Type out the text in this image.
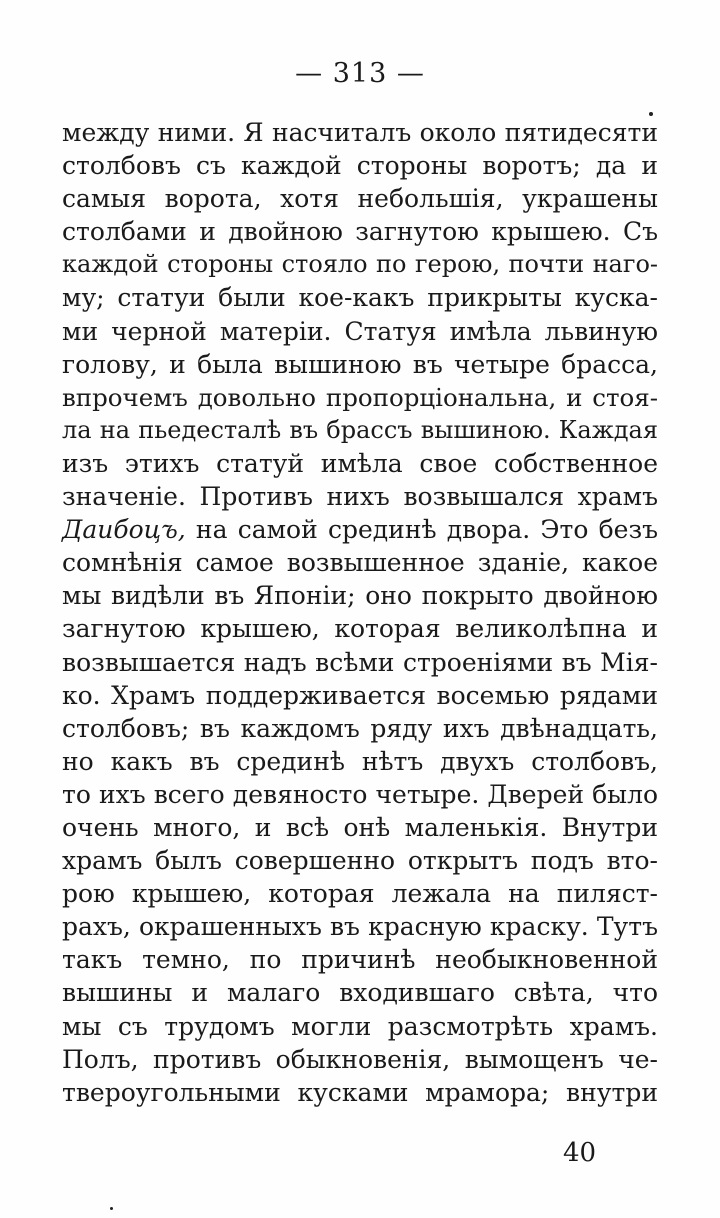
— 313 —
между ними. Я насчиталъ около пятидесяти
столбовъ съ каждой стороны воротъ; да и
самыя ворота, хотя небольшія, украшены
столбами и двойною загнутою крышею. Съ
каждой стороны стояло по герою, почти наго-
му; статуи были кое-какъ прикрыты куска-
ми черной матеріи. Статуя имѣла львиную
голову, и была вышиною въ четыре брасса,
впрочемъ довольно пропорціональна, и стоя-
ла на пьедесталѣ въ брассъ вышиною. Каждая
изъ этихъ статуй имѣла свое собственное
значеніе. Противъ нихъ возвышался храмъ
Даибоцъ, на самой срединѣ двора. Это безъ
сомнѣнія самое возвышенное зданіе, какое
мы видѣли въ Японіи; оно покрыто двойною
загнутою крышею, которая великолѣпна и
возвышается надъ всѣми строеніями въ Мія-
ко. Храмъ поддерживается восемью рядами
столбовъ; въ каждомъ ряду ихъ двѣнадцать,
но какъ въ срединѣ нѣтъ двухъ столбовъ,
то ихъ всего девяносто четыре. Дверей было
очень много, и всѣ онѣ маленькія. Внутри
храмъ былъ совершенно открытъ подъ вто-
рою крышею, которая лежала на пиляст-
рахъ, окрашенныхъ въ красную краску. Тутъ
такъ темно, по причинѣ необыкновенной
вышины и малаго входившаго свѣта, что
мы съ трудомъ могли разсмотрѣть храмъ.
Полъ, противъ обыкновенія, вымощенъ че-
твероугольными кусками мрамора; внутри
40
